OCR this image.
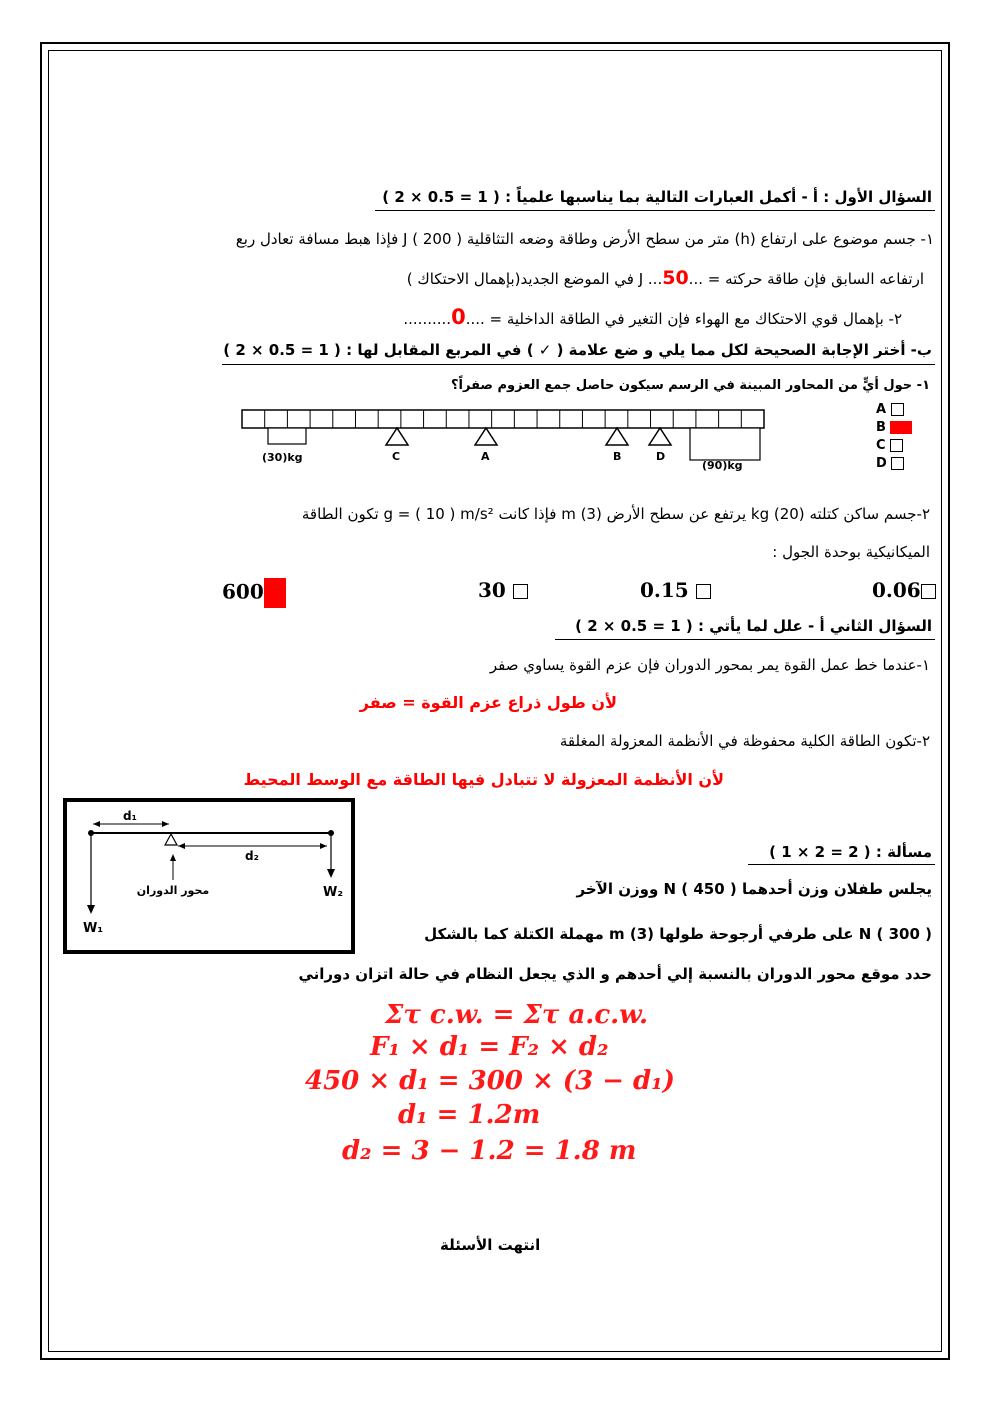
السؤال الأول : أ - أكمل العبارات التالية بما يناسبها علمياً : ( 1 = 0.5 × 2 )
١- جسم موضوع على ارتفاع (h) متر من سطح الأرض وطاقة وضعه التثاقلية J ( 200 ) فإذا هبط مسافة تعادل ربع
ارتفاعه السابق فإن طاقة حركته = ...50... J في الموضع الجديد(بإهمال الاحتكاك )
٢- بإهمال قوي الاحتكاك مع الهواء فإن التغير في الطاقة الداخلية = ....0..........
ب- أختر الإجابة الصحيحة لكل مما يلي و ضع علامة ( ✓ ) في المربع المقابل لها : ( 1 = 0.5 × 2 )
١- حول أيٍّ من المحاور المبينة في الرسم سيكون حاصل جمع العزوم صفراً؟
(30)kg
(90)kg
C	A	B	D
A
B
C
D
٢-جسم ساكن كتلته kg (20) يرتفع عن سطح الأرض m (3) فإذا كانت g = ( 10 ) m/s² تكون الطاقة
الميكانيكية بوحدة الجول :
600	30	0.15	0.06
السؤال الثاني أ - علل لما يأتي : ( 1 = 0.5 × 2 )
١-عندما خط عمل القوة يمر بمحور الدوران فإن عزم القوة يساوي صفر
لأن طول ذراع عزم القوة = صفر
٢-تكون الطاقة الكلية محفوظة في الأنظمة المعزولة المغلقة
لأن الأنظمة المعزولة لا تتبادل فيها الطاقة مع الوسط المحيط
d₁
d₂
محور الدوران
W₁
W₂
مسألة : ( 2 = 2 × 1 )
يجلس طفلان وزن أحدهما N ( 450 ) ووزن الآخر
N ( 300 ) على طرفي أرجوحة طولها m (3) مهملة الكتلة كما بالشكل
حدد موقع محور الدوران بالنسبة إلي أحدهم و الذي يجعل النظام في حالة اتزان دوراني
Στ c.w. = Στ a.c.w.
F₁ × d₁ = F₂ × d₂
450 × d₁ = 300 × (3 − d₁)
d₁ = 1.2m
d₂ = 3 − 1.2 = 1.8 m
انتهت الأسئلة
